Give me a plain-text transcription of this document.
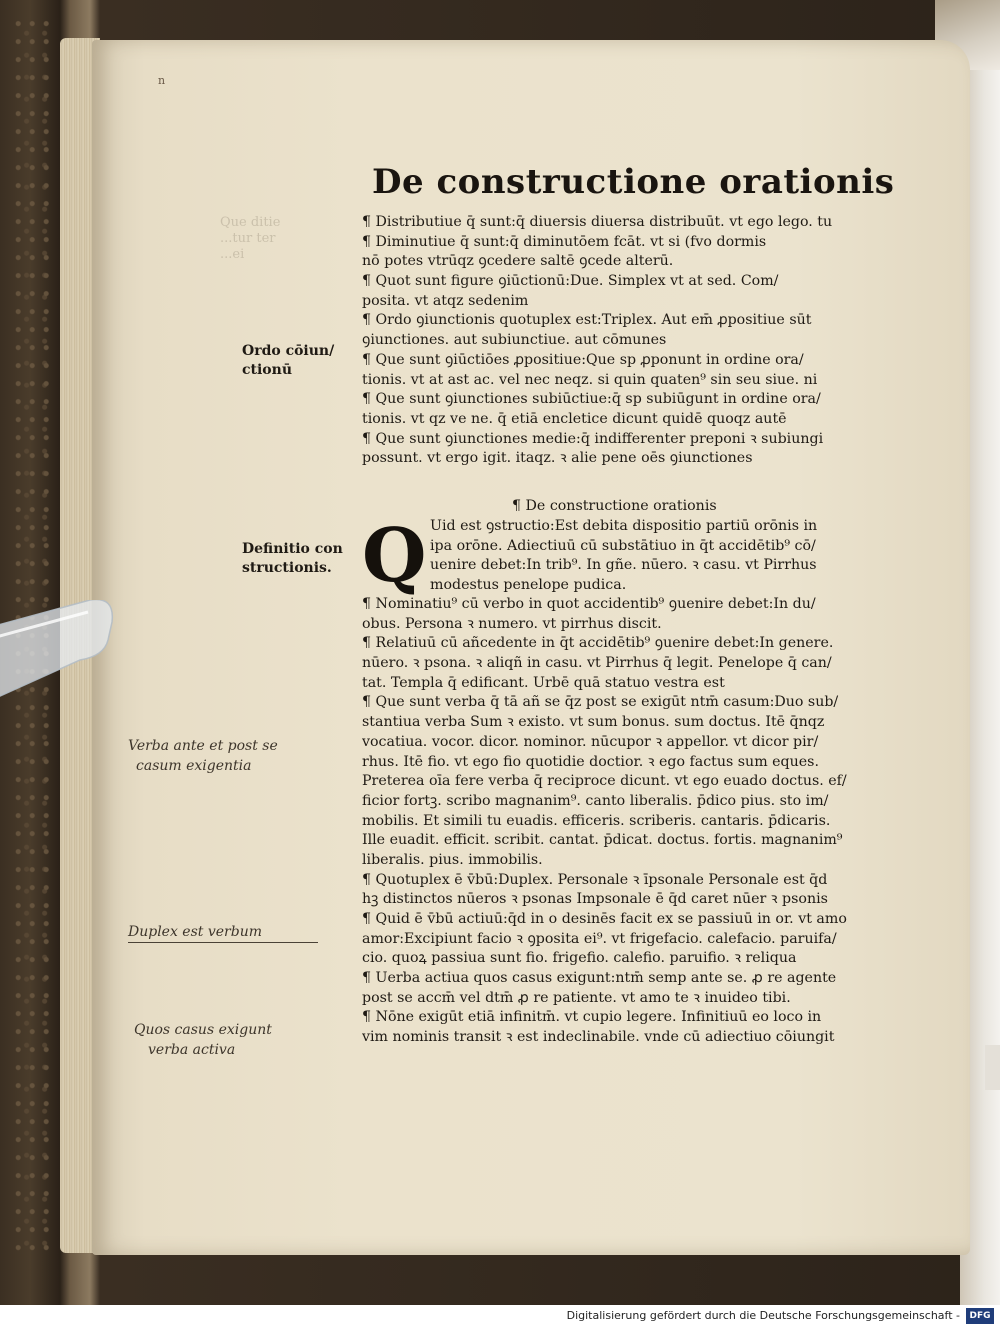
n
Que ditie
...tur ter
...ei
De constructione orationis
¶ Distributiue q̄ sunt:q̄ diuersis diuersa distribuūt. vt ego lego. tu
¶ Diminutiue q̄ sunt:q̄ diminutōem fcāt. vt si (fvo dormis
nō potes vtrūqz ꝯcedere saltē ꝯcede alterū.
¶ Quot sunt figure ꝯiūctionū:Due. Simplex vt at sed. Com/
posita. vt atqz sedenim
¶ Ordo ꝯiunctionis quotuplex est:Triplex. Aut em̄ ꝓpositiue sūt
ꝯiunctiones. aut subiunctiue. aut cōmunes
¶ Que sunt ꝯiūctiōes ꝓpositiue:Que sp ꝓponunt in ordine ora/
tionis. vt at ast ac. vel nec neqz. si quin quaten⁹ sin seu siue. ni
¶ Que sunt ꝯiunctiones subiūctiue:q̄ sp subiūgunt in ordine ora/
tionis. vt qz ve ne. q̄ etiā encletice dicunt quidē quoqz autē
¶ Que sunt ꝯiunctiones medie:q̄ indifferenter preponi ꝛ subiungi
possunt. vt ergo igit. itaqz. ꝛ alie pene oēs ꝯiunctiones
¶ De constructione orationis
Q Uid est ꝯstructio:Est debita dispositio partiū orōnis in
ipa orōne. Adiectiuū cū substātiuo in q̄t accidētib⁹ cō/
uenire debet:In trib⁹. In gñe. nūero. ꝛ casu. vt Pirrhus
modestus penelope pudica.
¶ Nominatiu⁹ cū verbo in quot accidentib⁹ ꝯuenire debet:In du/
obus. Persona ꝛ numero. vt pirrhus discit.
¶ Relatiuū cū añcedente in q̄t accidētib⁹ ꝯuenire debet:In genere.
nūero. ꝛ psona. ꝛ aliqñ in casu. vt Pirrhus q̄ legit. Penelope q̄ can/
tat. Templa q̄ edificant. Urbē quā statuo vestra est
¶ Que sunt verba q̄ tā añ se q̄z post se exigūt ntm̄ casum:Duo sub/
stantiua verba Sum ꝛ existo. vt sum bonus. sum doctus. Itē q̄nqz
vocatiua. vocor. dicor. nominor. nūcupor ꝛ appellor. vt dicor pir/
rhus. Itē fio. vt ego fio quotidie doctior. ꝛ ego factus sum eques.
Preterea oīa fere verba q̄ reciproce dicunt. vt ego euado doctus. ef/
ficior fortꝫ. scribo magnanim⁹. canto liberalis. p̄dico pius. sto im/
mobilis. Et simili tu euadis. efficeris. scriberis. cantaris. p̄dicaris.
Ille euadit. efficit. scribit. cantat. p̄dicat. doctus. fortis. magnanim⁹
liberalis. pius. immobilis.
¶ Quotuplex ē v̄bū:Duplex. Personale ꝛ īpsonale Personale est q̄d
hꝫ distinctos nūeros ꝛ psonas Impsonale ē q̄d caret nūer ꝛ psonis
¶ Quid ē v̄bū actiuū:q̄d in o desinēs facit ex se passiuū in or. vt amo
amor:Excipiunt facio ꝛ ꝯposita ei⁹. vt frigefacio. calefacio. paruifa/
cio. quoꝝ passiua sunt fio. frigefio. calefio. paruifio. ꝛ reliqua
¶ Uerba actiua quos casus exigunt:ntm̄ semp ante se. ꝓ re agente
post se accm̄ vel dtm̄ ꝓ re patiente. vt amo te ꝛ inuideo tibi.
¶ Nōne exigūt etiā infinitm̄. vt cupio legere. Infinitiuū eo loco in
vim nominis transit ꝛ est indeclinabile. vnde cū adiectiuo cōiungit
Ordo cōiun/
ctionū
Definitio con
structionis.
Verba ante et post se
casum exigentia
Duplex est verbum
Quos casus exigunt
verba activa
Digitalisierung gefördert durch die Deutsche Forschungsgemeinschaft -	DFG
